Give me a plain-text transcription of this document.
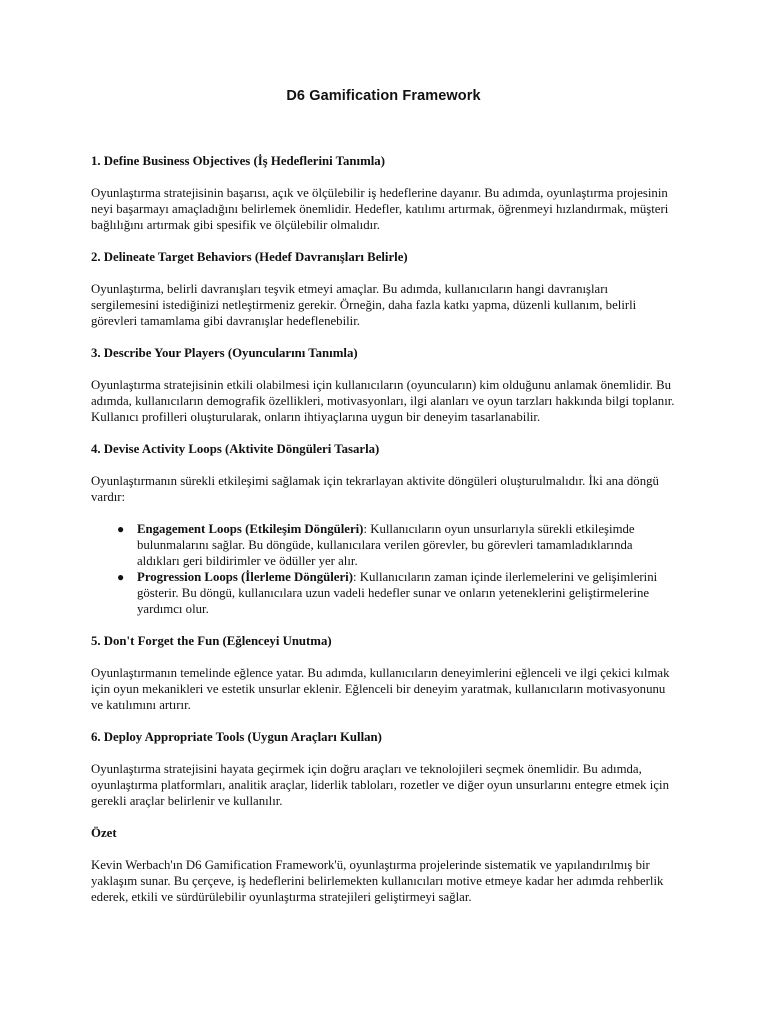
D6 Gamification Framework

1. Define Business Objectives (İş Hedeflerini Tanımla)

Oyunlaştırma stratejisinin başarısı, açık ve ölçülebilir iş hedeflerine dayanır. Bu adımda, oyunlaştırma projesinin neyi başarmayı amaçladığını belirlemek önemlidir. Hedefler, katılımı artırmak, öğrenmeyi hızlandırmak, müşteri bağlılığını artırmak gibi spesifik ve ölçülebilir olmalıdır.

2. Delineate Target Behaviors (Hedef Davranışları Belirle)

Oyunlaştırma, belirli davranışları teşvik etmeyi amaçlar. Bu adımda, kullanıcıların hangi davranışları sergilemesini istediğinizi netleştirmeniz gerekir. Örneğin, daha fazla katkı yapma, düzenli kullanım, belirli görevleri tamamlama gibi davranışlar hedeflenebilir.

3. Describe Your Players (Oyuncularını Tanımla)

Oyunlaştırma stratejisinin etkili olabilmesi için kullanıcıların (oyuncuların) kim olduğunu anlamak önemlidir. Bu adımda, kullanıcıların demografik özellikleri, motivasyonları, ilgi alanları ve oyun tarzları hakkında bilgi toplanır. Kullanıcı profilleri oluşturularak, onların ihtiyaçlarına uygun bir deneyim tasarlanabilir.

4. Devise Activity Loops (Aktivite Döngüleri Tasarla)

Oyunlaştırmanın sürekli etkileşimi sağlamak için tekrarlayan aktivite döngüleri oluşturulmalıdır. İki ana döngü vardır:

● Engagement Loops (Etkileşim Döngüleri): Kullanıcıların oyun unsurlarıyla sürekli etkileşimde bulunmalarını sağlar. Bu döngüde, kullanıcılara verilen görevler, bu görevleri tamamladıklarında aldıkları geri bildirimler ve ödüller yer alır.
● Progression Loops (İlerleme Döngüleri): Kullanıcıların zaman içinde ilerlemelerini ve gelişimlerini gösterir. Bu döngü, kullanıcılara uzun vadeli hedefler sunar ve onların yeteneklerini geliştirmelerine yardımcı olur.

5. Don't Forget the Fun (Eğlenceyi Unutma)

Oyunlaştırmanın temelinde eğlence yatar. Bu adımda, kullanıcıların deneyimlerini eğlenceli ve ilgi çekici kılmak için oyun mekanikleri ve estetik unsurlar eklenir. Eğlenceli bir deneyim yaratmak, kullanıcıların motivasyonunu ve katılımını artırır.

6. Deploy Appropriate Tools (Uygun Araçları Kullan)

Oyunlaştırma stratejisini hayata geçirmek için doğru araçları ve teknolojileri seçmek önemlidir. Bu adımda, oyunlaştırma platformları, analitik araçlar, liderlik tabloları, rozetler ve diğer oyun unsurlarını entegre etmek için gerekli araçlar belirlenir ve kullanılır.

Özet

Kevin Werbach'ın D6 Gamification Framework'ü, oyunlaştırma projelerinde sistematik ve yapılandırılmış bir yaklaşım sunar. Bu çerçeve, iş hedeflerini belirlemekten kullanıcıları motive etmeye kadar her adımda rehberlik ederek, etkili ve sürdürülebilir oyunlaştırma stratejileri geliştirmeyi sağlar.
